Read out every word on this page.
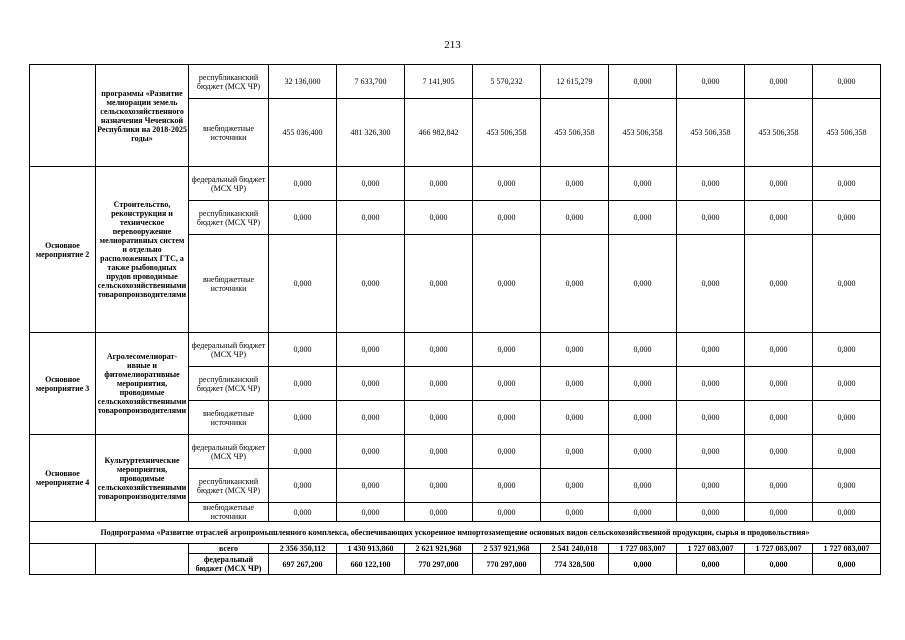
213
	программы «Развитие мелиорации земель сельскохозяйственного назначения Чеченской Республики на 2018-2025 годы»	республиканский бюджет (МСХ ЧР)	32 136,000	7 633,700	7 141,905	5 570,232	12 615,279	0,000	0,000	0,000	0,000
		внебюджетные источники	455 036,400	481 326,300	466 982,842	453 506,358	453 506,358	453 506,358	453 506,358	453 506,358	453 506,358
Основное мероприятие 2	Строительство, реконструкция и техническое перевооружение мелиоративных систем и отдельно расположенных ГТС, а также рыбоводных прудов проводимые сельскохозяйственными товаропроизводителями	федеральный бюджет (МСХ ЧР)	0,000	0,000	0,000	0,000	0,000	0,000	0,000	0,000	0,000
		республиканский бюджет (МСХ ЧР)	0,000	0,000	0,000	0,000	0,000	0,000	0,000	0,000	0,000
		внебюджетные источники	0,000	0,000	0,000	0,000	0,000	0,000	0,000	0,000	0,000
Основное мероприятие 3	Агролесомелиоративные и фитомелиоративные мероприятия, проводимые сельскохозяйственными товаропроизводителями	федеральный бюджет (МСХ ЧР)	0,000	0,000	0,000	0,000	0,000	0,000	0,000	0,000	0,000
		республиканский бюджет (МСХ ЧР)	0,000	0,000	0,000	0,000	0,000	0,000	0,000	0,000	0,000
		внебюджетные источники	0,000	0,000	0,000	0,000	0,000	0,000	0,000	0,000	0,000
Основное мероприятие 4	Культуртехнические мероприятия, проводимые сельскохозяйственными товаропроизводителями	федеральный бюджет (МСХ ЧР)	0,000	0,000	0,000	0,000	0,000	0,000	0,000	0,000	0,000
		республиканский бюджет (МСХ ЧР)	0,000	0,000	0,000	0,000	0,000	0,000	0,000	0,000	0,000
		внебюджетные источники	0,000	0,000	0,000	0,000	0,000	0,000	0,000	0,000	0,000
Подпрограмма «Развитие отраслей агропромышленного комплекса, обеспечивающих ускоренное импортозамещение основных видов сельскохозяйственной продукции, сырья и продовольствия»											
		всего	2 356 350,112	1 430 913,860	2 621 921,968	2 537 921,968	2 541 240,018	1 727 083,007	1 727 083,007	1 727 083,007	1 727 083,007
		федеральный бюджет (МСХ ЧР)	697 267,200	660 122,100	770 297,000	770 297,000	774 328,500	0,000	0,000	0,000	0,000
